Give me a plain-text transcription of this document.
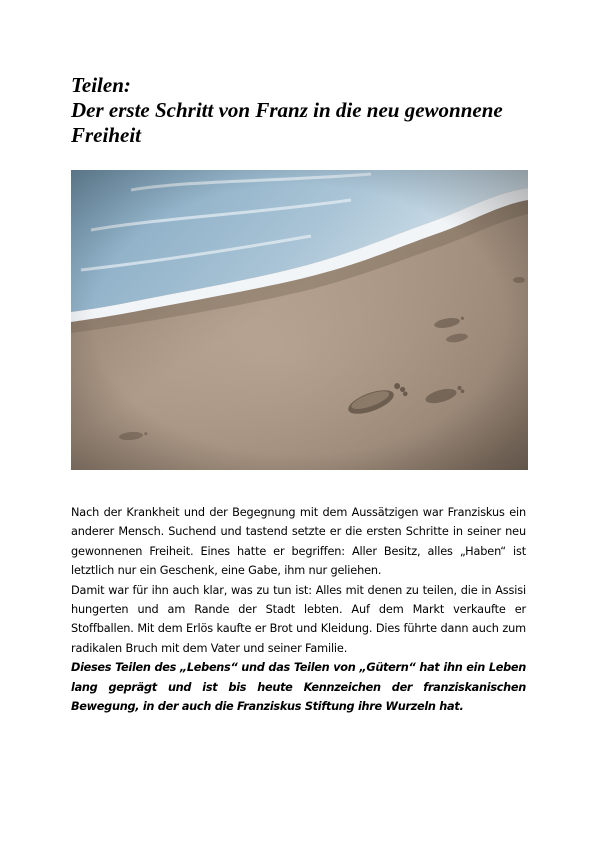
Teilen:
Der erste Schritt von Franz in die neu gewonnene
Freiheit

Nach der Krankheit und der Begegnung mit dem Aussätzigen war Franziskus ein anderer Mensch. Suchend und tastend setzte er die ersten Schritte in seiner neu gewonnenen Freiheit. Eines hatte er begriffen: Aller Besitz, alles „Haben“ ist letztlich nur ein Geschenk, eine Gabe, ihm nur geliehen.

Damit war für ihn auch klar, was zu tun ist: Alles mit denen zu teilen, die in Assisi hungerten und am Rande der Stadt lebten. Auf dem Markt verkaufte er Stoffballen. Mit dem Erlös kaufte er Brot und Kleidung. Dies führte dann auch zum radikalen Bruch mit dem Vater und seiner Familie.

Dieses Teilen des „Lebens“ und das Teilen von „Gütern“ hat ihn ein Leben lang geprägt und ist bis heute Kennzeichen der franziskanischen Bewegung, in der auch die Franziskus Stiftung ihre Wurzeln hat.
